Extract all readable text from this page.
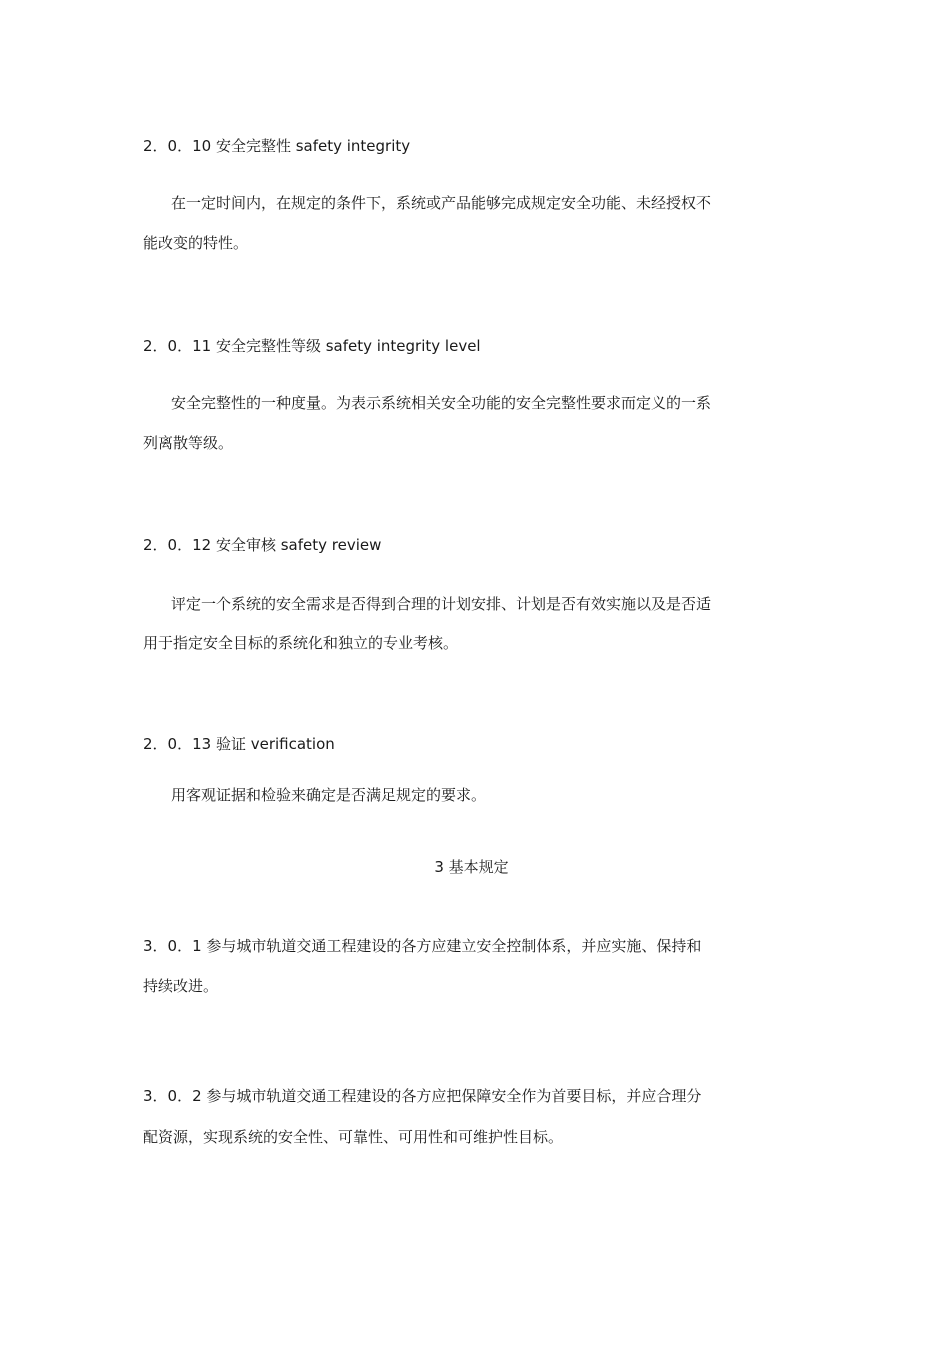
2．0．10 安全完整性 safety integrity
在一定时间内，在规定的条件下，系统或产品能够完成规定安全功能、未经授权不
能改变的特性。
2．0．11 安全完整性等级 safety integrity level
安全完整性的一种度量。为表示系统相关安全功能的安全完整性要求而定义的一系
列离散等级。
2．0．12 安全审核 safety review
评定一个系统的安全需求是否得到合理的计划安排、计划是否有效实施以及是否适
用于指定安全目标的系统化和独立的专业考核。
2．0．13 验证 verification
用客观证据和检验来确定是否满足规定的要求。
3 基本规定
3．0．1 参与城市轨道交通工程建设的各方应建立安全控制体系，并应实施、保持和
持续改进。
3．0．2 参与城市轨道交通工程建设的各方应把保障安全作为首要目标，并应合理分
配资源，实现系统的安全性、可靠性、可用性和可维护性目标。
